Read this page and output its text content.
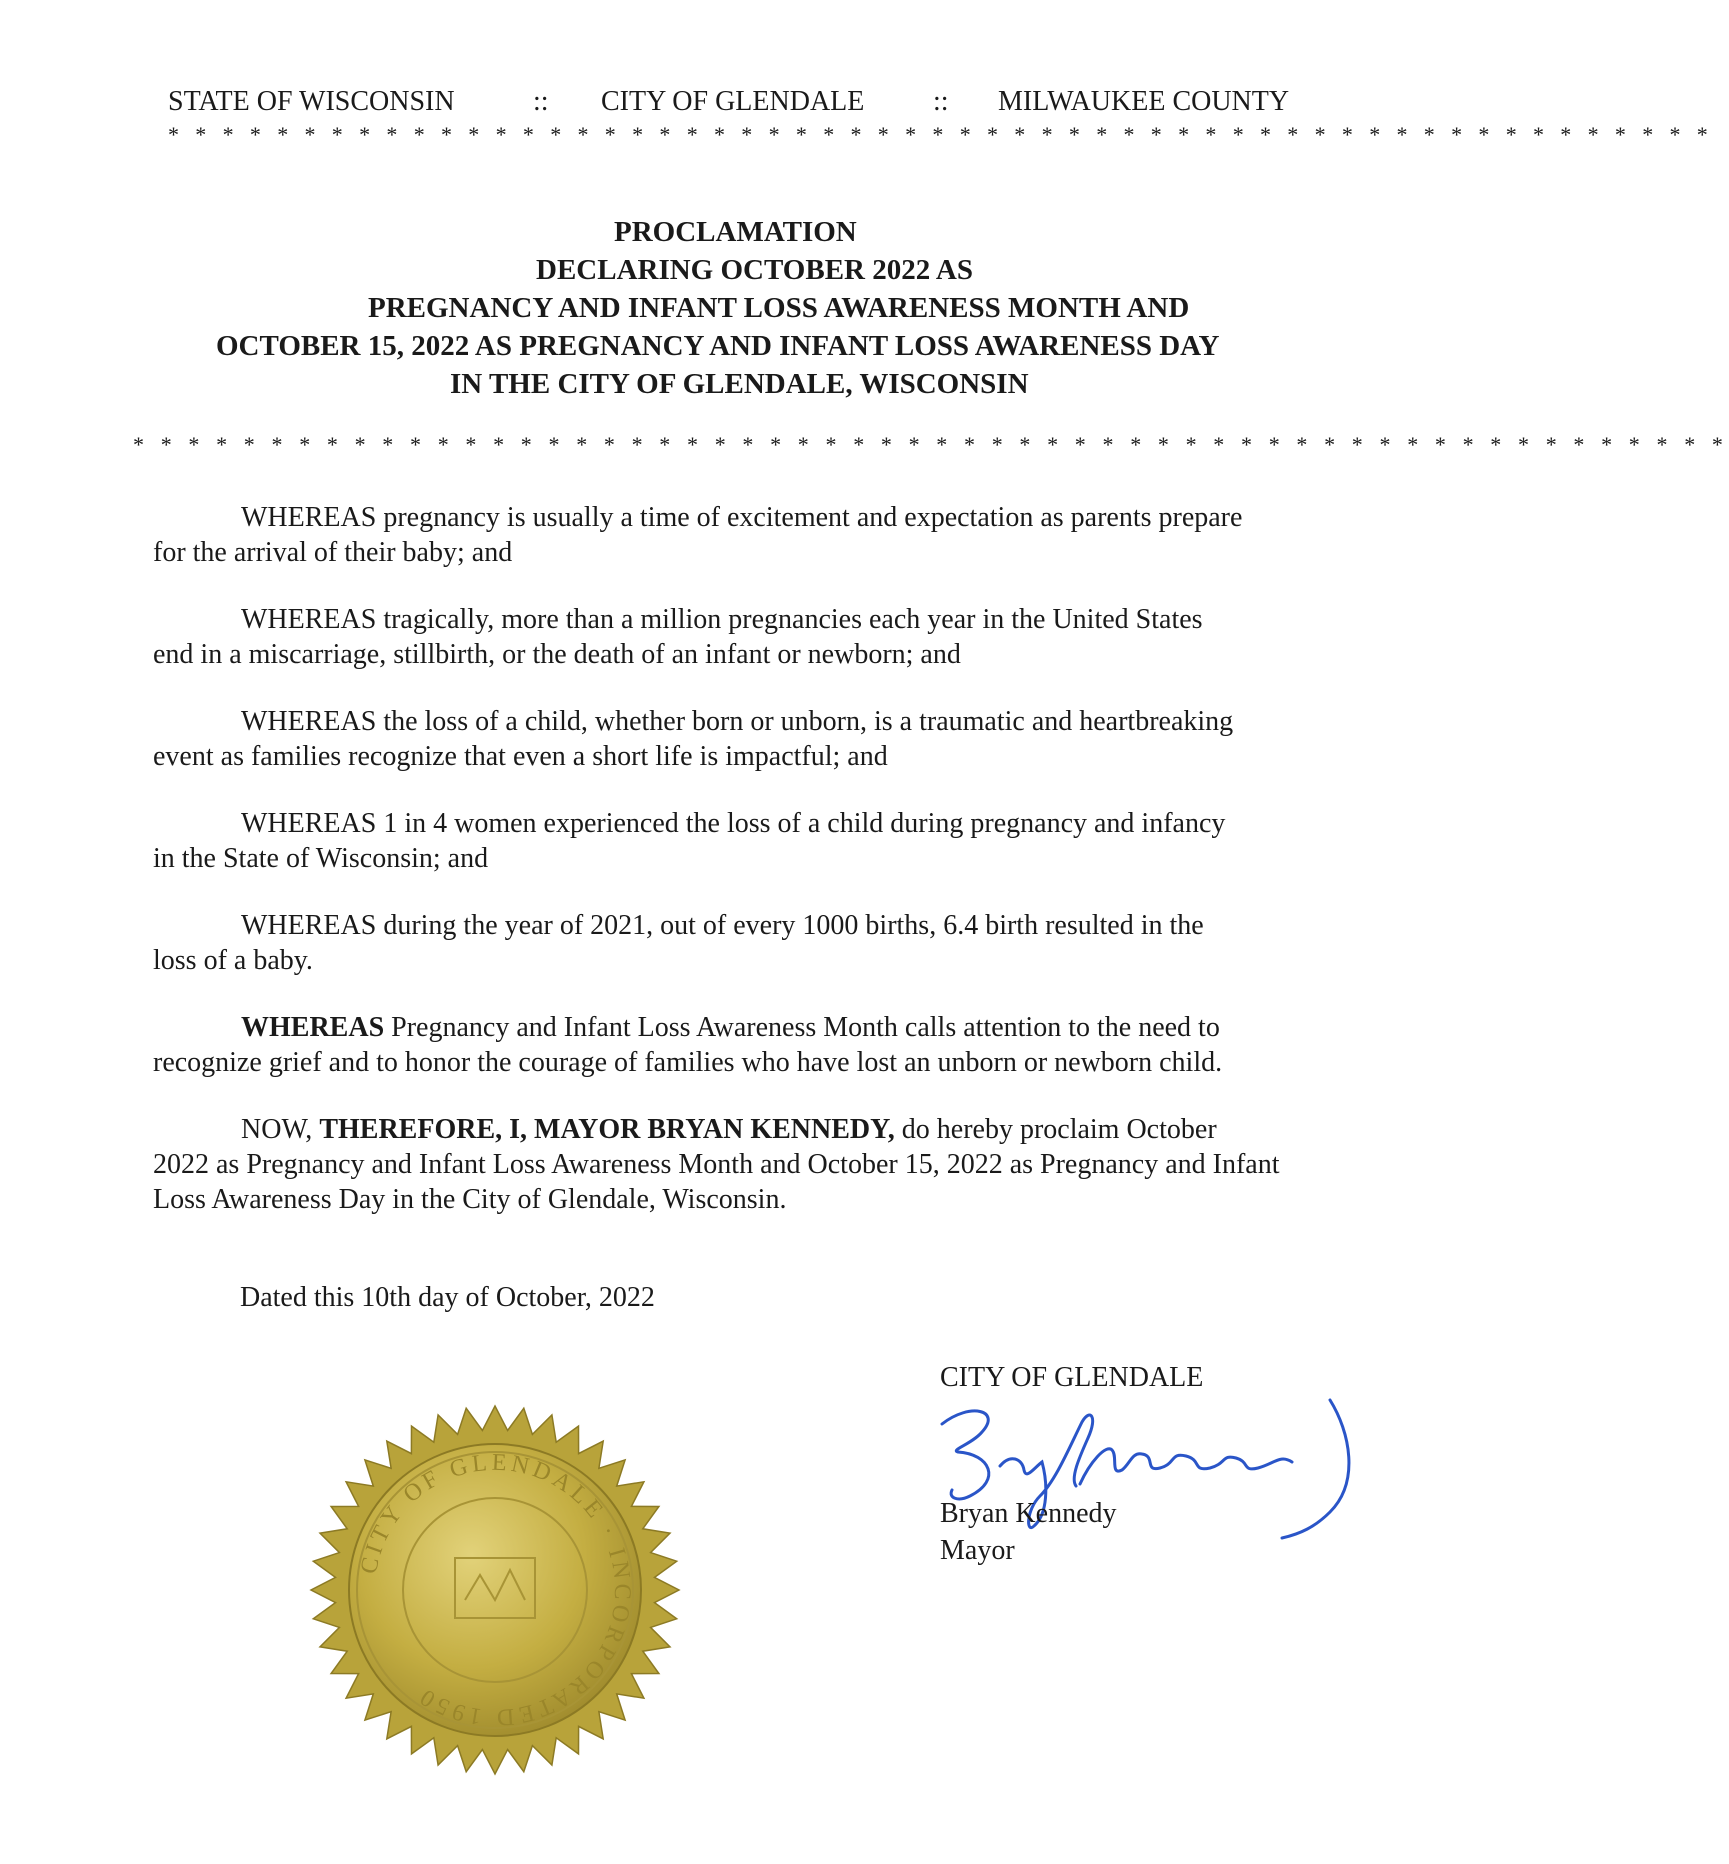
STATE OF WISCONSIN	:: CITY OF GLENDALE :: MILWAUKEE COUNTY
* * * * * * * * * * * * * * * * * * * * * * * * * * * * * * * * * * * * * * * * * * * * * * * * * * * * * * * * *
PROCLAMATION
DECLARING OCTOBER 2022 AS
PREGNANCY AND INFANT LOSS AWARENESS MONTH AND
OCTOBER 15, 2022 AS PREGNANCY AND INFANT LOSS AWARENESS DAY
IN THE CITY OF GLENDALE, WISCONSIN
* * * * * * * * * * * * * * * * * * * * * * * * * * * * * * * * * * * * * * * * * * * * * * * * * * * * * * * * * *
WHEREAS pregnancy is usually a time of excitement and expectation as parents prepare
for the arrival of their baby; and
WHEREAS tragically, more than a million pregnancies each year in the United States
end in a miscarriage, stillbirth, or the death of an infant or newborn; and
WHEREAS the loss of a child, whether born or unborn, is a traumatic and heartbreaking
event as families recognize that even a short life is impactful; and
WHEREAS 1 in 4 women experienced the loss of a child during pregnancy and infancy
in the State of Wisconsin; and
WHEREAS during the year of 2021, out of every 1000 births, 6.4 birth resulted in the
loss of a baby.
WHEREAS Pregnancy and Infant Loss Awareness Month calls attention to the need to
recognize grief and to honor the courage of families who have lost an unborn or newborn child.
NOW, THEREFORE, I, MAYOR BRYAN KENNEDY, do hereby proclaim October
2022 as Pregnancy and Infant Loss Awareness Month and October 15, 2022 as Pregnancy and Infant
Loss Awareness Day in the City of Glendale, Wisconsin.
Dated this 10th day of October, 2022
CITY OF GLENDALE
Bryan Kennedy
Mayor
CITY OF GLENDALE · INCORPORATED 1950
